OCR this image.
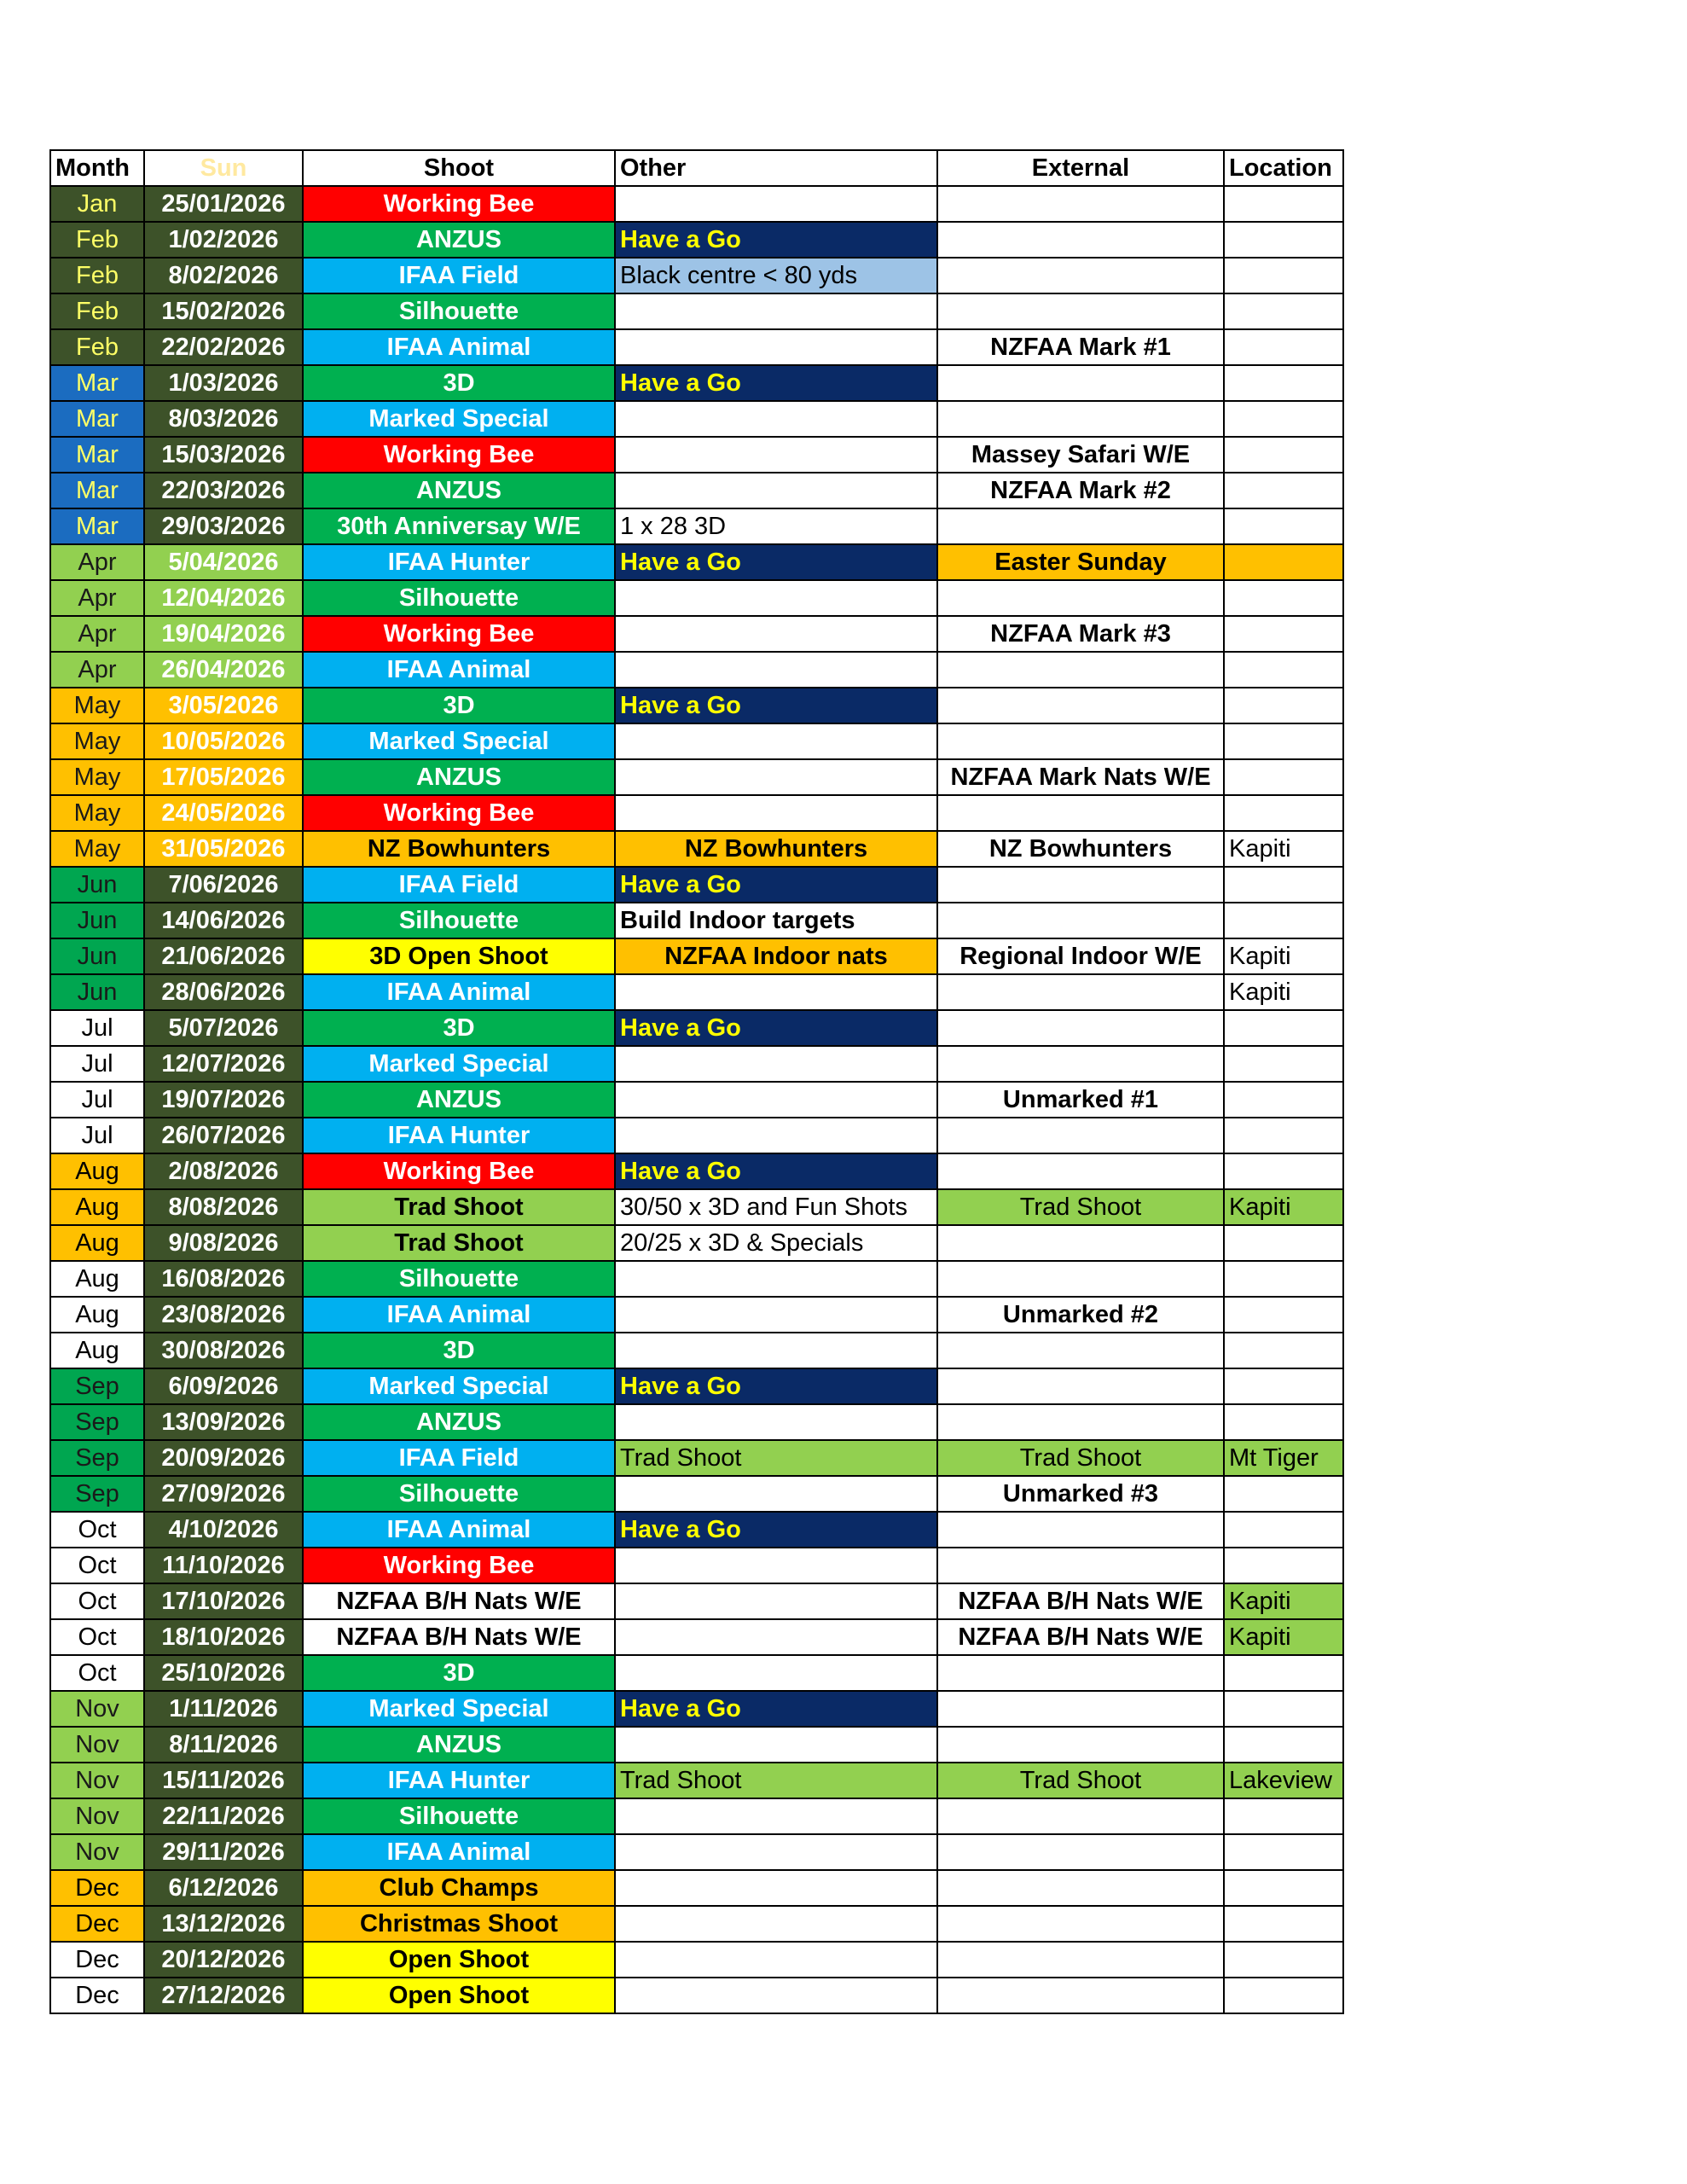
Month	Sun	Shoot	Other	External	Location
Jan	25/01/2026	Working Bee			
Feb	1/02/2026	ANZUS	Have a Go		
Feb	8/02/2026	IFAA Field	Black centre < 80 yds		
Feb	15/02/2026	Silhouette			
Feb	22/02/2026	IFAA Animal		NZFAA Mark #1	
Mar	1/03/2026	3D	Have a Go		
Mar	8/03/2026	Marked Special			
Mar	15/03/2026	Working Bee		Massey Safari W/E	
Mar	22/03/2026	ANZUS		NZFAA Mark #2	
Mar	29/03/2026	30th Anniversay W/E	1 x 28 3D		
Apr	5/04/2026	IFAA Hunter	Have a Go	Easter Sunday	
Apr	12/04/2026	Silhouette			
Apr	19/04/2026	Working Bee		NZFAA Mark #3	
Apr	26/04/2026	IFAA Animal			
May	3/05/2026	3D	Have a Go		
May	10/05/2026	Marked Special			
May	17/05/2026	ANZUS		NZFAA Mark Nats W/E	
May	24/05/2026	Working Bee			
May	31/05/2026	NZ Bowhunters	NZ Bowhunters	NZ Bowhunters	Kapiti
Jun	7/06/2026	IFAA Field	Have a Go		
Jun	14/06/2026	Silhouette	Build Indoor targets		
Jun	21/06/2026	3D Open Shoot	NZFAA Indoor nats	Regional Indoor W/E	Kapiti
Jun	28/06/2026	IFAA Animal			Kapiti
Jul	5/07/2026	3D	Have a Go		
Jul	12/07/2026	Marked Special			
Jul	19/07/2026	ANZUS		Unmarked #1	
Jul	26/07/2026	IFAA Hunter			
Aug	2/08/2026	Working Bee	Have a Go		
Aug	8/08/2026	Trad Shoot	30/50 x 3D and Fun Shots	Trad Shoot	Kapiti
Aug	9/08/2026	Trad Shoot	20/25 x 3D & Specials		
Aug	16/08/2026	Silhouette			
Aug	23/08/2026	IFAA Animal		Unmarked #2	
Aug	30/08/2026	3D			
Sep	6/09/2026	Marked Special	Have a Go		
Sep	13/09/2026	ANZUS			
Sep	20/09/2026	IFAA Field	Trad Shoot	Trad Shoot	Mt Tiger
Sep	27/09/2026	Silhouette		Unmarked #3	
Oct	4/10/2026	IFAA Animal	Have a Go		
Oct	11/10/2026	Working Bee			
Oct	17/10/2026	NZFAA B/H Nats W/E		NZFAA B/H Nats W/E	Kapiti
Oct	18/10/2026	NZFAA B/H Nats W/E		NZFAA B/H Nats W/E	Kapiti
Oct	25/10/2026	3D			
Nov	1/11/2026	Marked Special	Have a Go		
Nov	8/11/2026	ANZUS			
Nov	15/11/2026	IFAA Hunter	Trad Shoot	Trad Shoot	Lakeview
Nov	22/11/2026	Silhouette			
Nov	29/11/2026	IFAA Animal			
Dec	6/12/2026	Club Champs			
Dec	13/12/2026	Christmas Shoot			
Dec	20/12/2026	Open Shoot			
Dec	27/12/2026	Open Shoot			
